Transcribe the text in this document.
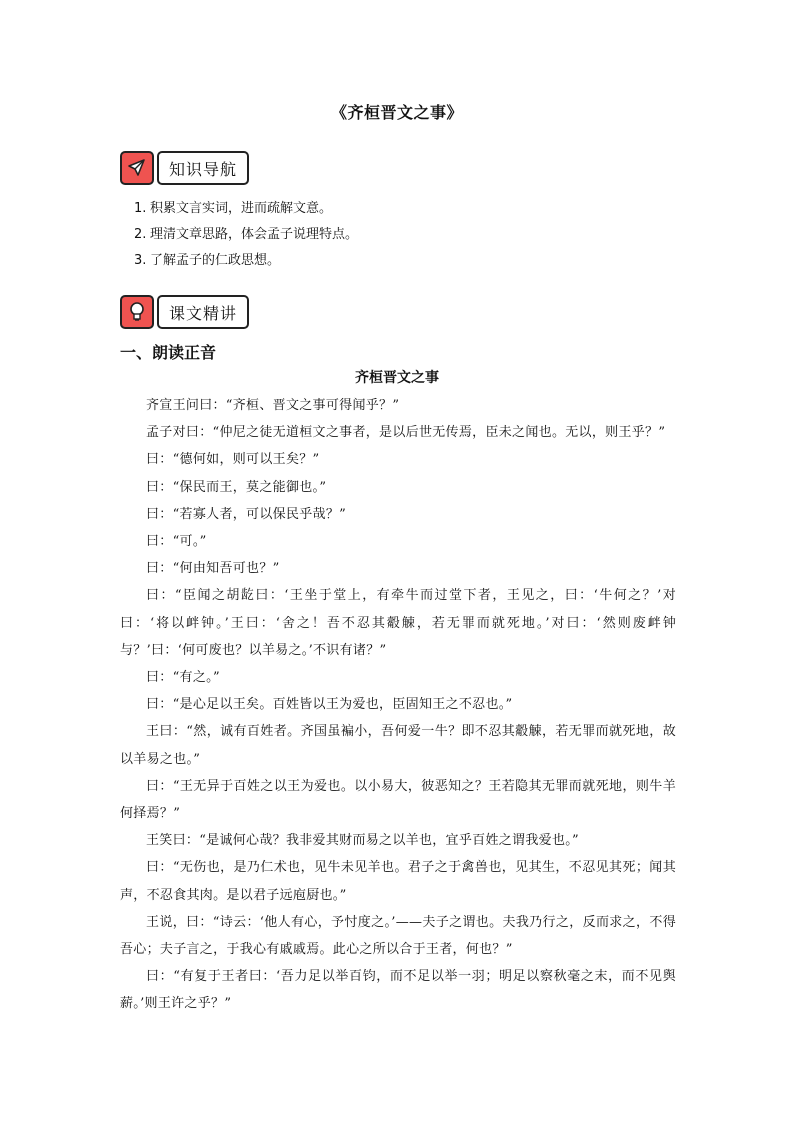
《齐桓晋文之事》
知识导航
1. 积累文言实词，进而疏解文意。
2. 理清文章思路，体会孟子说理特点。
3. 了解孟子的仁政思想。
课文精讲
一、朗读正音
齐桓晋文之事

齐宣王问曰：“齐桓、晋文之事可得闻乎？”

孟子对曰：“仲尼之徒无道桓文之事者，是以后世无传焉，臣未之闻也。无以，则王乎？”

曰：“德何如，则可以王矣？”

曰：“保民而王，莫之能御也。”

曰：“若寡人者，可以保民乎哉？”

曰：“可。”

曰：“何由知吾可也？”

曰：“臣闻之胡龁曰：‘王坐于堂上，有牵牛而过堂下者，王见之，曰：‘牛何之？’对曰：‘将以衅钟。’王曰：‘舍之！吾不忍其觳觫，若无罪而就死地。’对曰：‘然则废衅钟与？’曰：‘何可废也？以羊易之。’不识有诸？”

曰：“有之。”

曰：“是心足以王矣。百姓皆以王为爱也，臣固知王之不忍也。”

王曰：“然，诚有百姓者。齐国虽褊小，吾何爱一牛？即不忍其觳觫，若无罪而就死地，故以羊易之也。”

曰：“王无异于百姓之以王为爱也。以小易大，彼恶知之？王若隐其无罪而就死地，则牛羊何择焉？”

王笑曰：“是诚何心哉？我非爱其财而易之以羊也，宜乎百姓之谓我爱也。”

曰：“无伤也，是乃仁术也，见牛未见羊也。君子之于禽兽也，见其生，不忍见其死；闻其声，不忍食其肉。是以君子远庖厨也。”

王说，曰：“诗云：‘他人有心，予忖度之。’——夫子之谓也。夫我乃行之，反而求之，不得吾心；夫子言之，于我心有戚戚焉。此心之所以合于王者，何也？”

曰：“有复于王者曰：‘吾力足以举百钧，而不足以举一羽；明足以察秋毫之末，而不见舆薪。’则王许之乎？”
